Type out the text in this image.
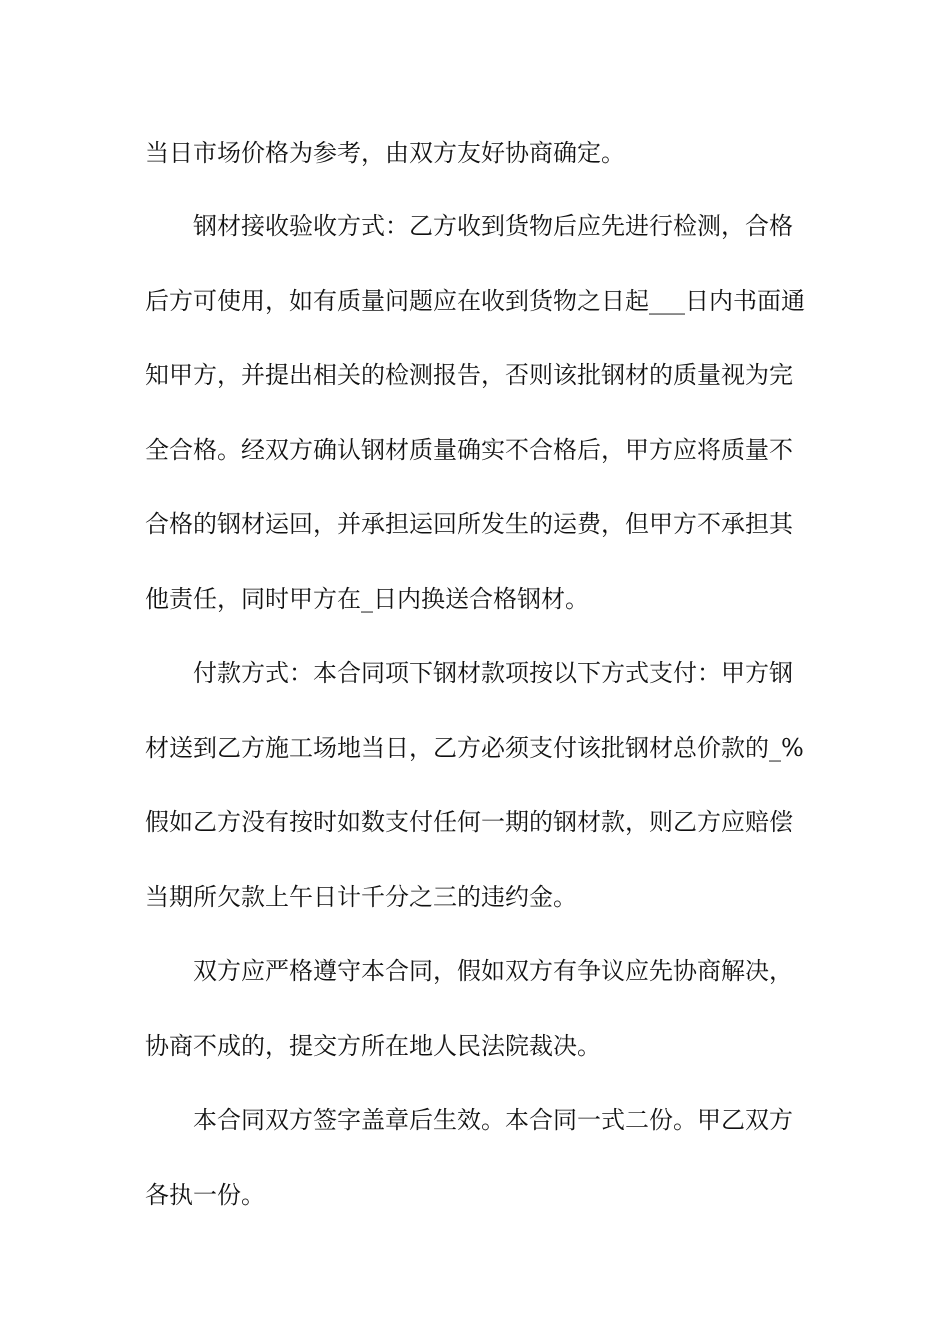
当日市场价格为参考，由双方友好协商确定。
钢材接收验收方式：乙方收到货物后应先进行检测，合格
后方可使用，如有质量问题应在收到货物之日起___日内书面通
知甲方，并提出相关的检测报告，否则该批钢材的质量视为完
全合格。经双方确认钢材质量确实不合格后，甲方应将质量不
合格的钢材运回，并承担运回所发生的运费，但甲方不承担其
他责任，同时甲方在_日内换送合格钢材。
付款方式：本合同项下钢材款项按以下方式支付：甲方钢
材送到乙方施工场地当日，乙方必须支付该批钢材总价款的_%
假如乙方没有按时如数支付任何一期的钢材款，则乙方应赔偿
当期所欠款上午日计千分之三的违约金。
双方应严格遵守本合同，假如双方有争议应先协商解决，
协商不成的，提交方所在地人民法院裁决。
本合同双方签字盖章后生效。本合同一式二份。甲乙双方
各执一份。
